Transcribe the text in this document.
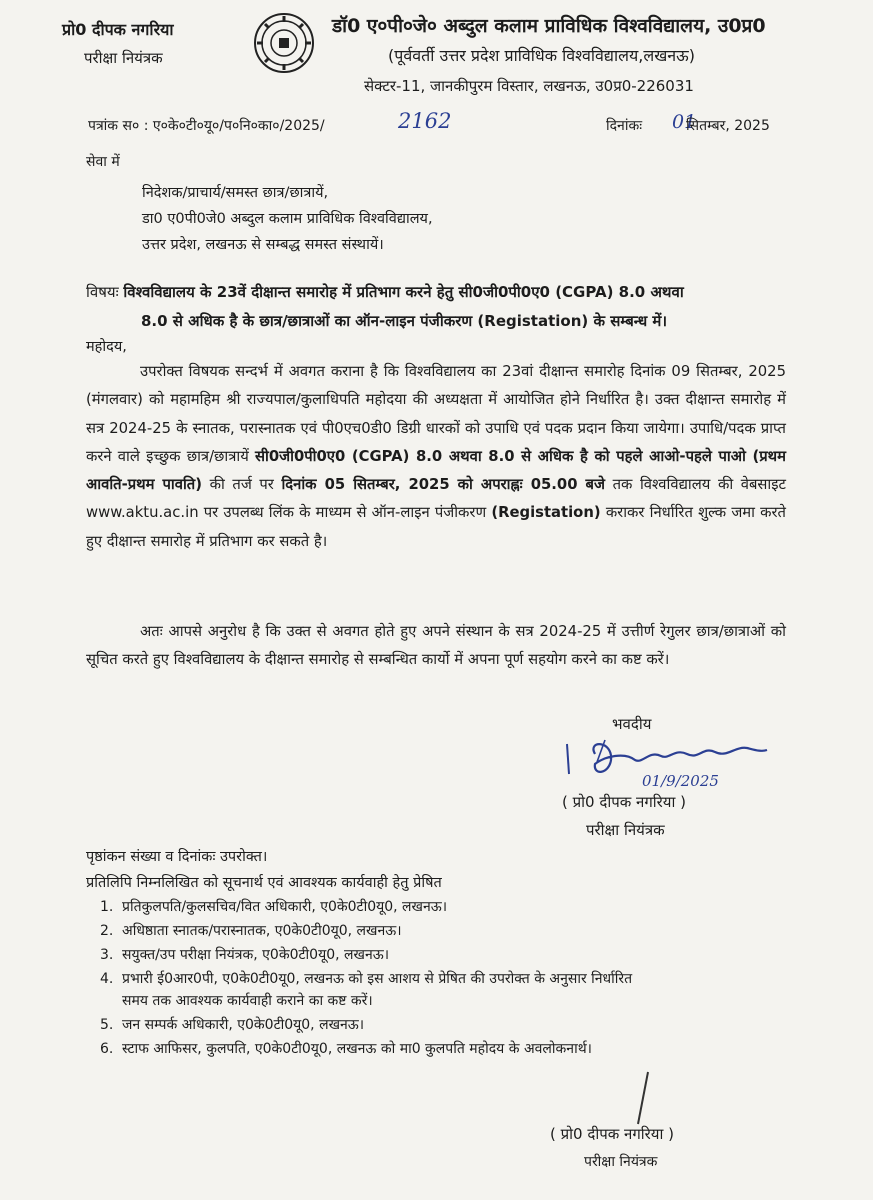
प्रो0 दीपक नगरिया
परीक्षा नियंत्रक
डॉ0 ए०पी०जे० अब्दुल कलाम प्राविधिक विश्वविद्यालय, उ0प्र0
(पूर्ववर्ती उत्तर प्रदेश प्राविधिक विश्वविद्यालय,लखनऊ)
सेक्टर-11, जानकीपुरम विस्तार, लखनऊ, उ0प्र0-226031
पत्रांक स० : ए०के०टी०यू०/प०नि०का०/2025/	2162	दिनांकः 01
सितम्बर, 2025
सेवा में
निदेशक/प्राचार्य/समस्त छात्र/छात्रायें,
डा0 ए0पी0जे0 अब्दुल कलाम प्राविधिक विश्वविद्यालय,
उत्तर प्रदेश, लखनऊ से सम्बद्ध समस्त संस्थायें।
विषयः विश्वविद्यालय के 23वें दीक्षान्त समारोह में प्रतिभाग करने हेतु सी0जी0पी0ए0 (CGPA) 8.0 अथवा
8.0 से अधिक है के छात्र/छात्राओं का ऑन-लाइन पंजीकरण (Registation) के सम्बन्ध में।
महोदय,
उपरोक्त विषयक सन्दर्भ में अवगत कराना है कि विश्वविद्यालय का 23वां दीक्षान्त समारोह दिनांक 09 सितम्बर, 2025 (मंगलवार) को महामहिम श्री राज्यपाल/कुलाधिपति महोदया की अध्यक्षता में आयोजित होने निर्धारित है। उक्त दीक्षान्त समारोह में सत्र 2024-25 के स्नातक, परास्नातक एवं पी0एच0डी0 डिग्री धारकों को उपाधि एवं पदक प्रदान किया जायेगा। उपाधि/पदक प्राप्त करने वाले इच्छुक छात्र/छात्रायें सी0जी0पी0ए0 (CGPA) 8.0 अथवा 8.0 से अधिक है को पहले आओ-पहले पाओ (प्रथम आवति-प्रथम पावति) की तर्ज पर दिनांक 05 सितम्बर, 2025 को अपराह्नः 05.00 बजे तक विश्वविद्यालय की वेबसाइट www.aktu.ac.in पर उपलब्ध लिंक के माध्यम से ऑन-लाइन पंजीकरण (Registation) कराकर निर्धारित शुल्क जमा करते हुए दीक्षान्त समारोह में प्रतिभाग कर सकते है।
अतः आपसे अनुरोध है कि उक्त से अवगत होते हुए अपने संस्थान के सत्र 2024-25 में उत्तीर्ण रेगुलर छात्र/छात्राओं को सूचित करते हुए विश्वविद्यालय के दीक्षान्त समारोह से सम्बन्धित कार्यो में अपना पूर्ण सहयोग करने का कष्ट करें।
भवदीय
01/9/2025
( प्रो0 दीपक नगरिया )
परीक्षा नियंत्रक
पृष्ठांकन संख्या व दिनांकः उपरोक्त।
प्रतिलिपि निम्नलिखित को सूचनार्थ एवं आवश्यक कार्यवाही हेतु प्रेषित
1. प्रतिकुलपति/कुलसचिव/वित अधिकारी, ए0के0टी0यू0, लखनऊ।
2. अधिष्ठाता स्नातक/परास्नातक, ए0के0टी0यू0, लखनऊ।
3. सयुक्त/उप परीक्षा नियंत्रक, ए0के0टी0यू0, लखनऊ।
4. प्रभारी ई0आर0पी, ए0के0टी0यू0, लखनऊ को इस आशय से प्रेषित की उपरोक्त के अनुसार निर्धारित
समय तक आवश्यक कार्यवाही कराने का कष्ट करें।
5. जन सम्पर्क अधिकारी, ए0के0टी0यू0, लखनऊ।
6. स्टाफ आफिसर, कुलपति, ए0के0टी0यू0, लखनऊ को मा0 कुलपति महोदय के अवलोकनार्थ।
( प्रो0 दीपक नगरिया )
परीक्षा नियंत्रक
